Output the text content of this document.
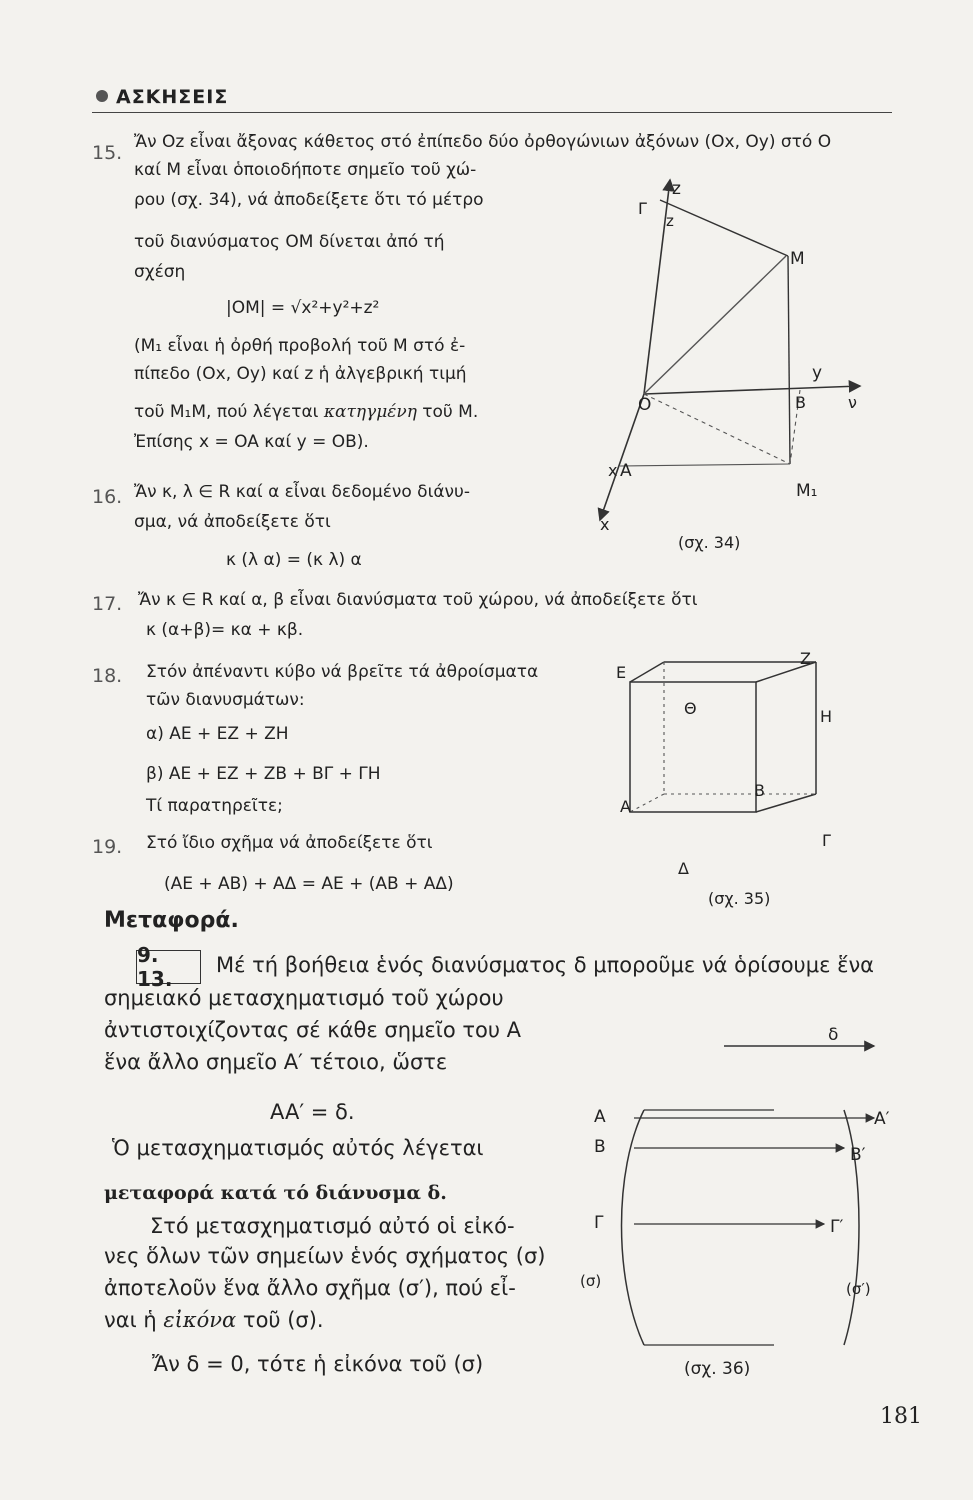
ΑΣΚΗΣΕΙΣ
15. Ἄν Oz εἶναι ἄξονας κάθετος στό ἐπίπεδο δύο ὀρθογώνιων ἀξόνων (Ox, Oy) στό O
καί M εἶναι ὁποιοδήποτε σημεῖο τοῦ χώ-
ρου (σχ. 34), νά ἀποδείξετε ὅτι τό μέτρο
τοῦ διανύσματος OM δίνεται ἀπό τή
σχέση
|OM| = √x²+y²+z²
(M₁ εἶναι ἡ ὀρθή προβολή τοῦ M στό ἐ-
πίπεδο (Ox, Oy) καί z ἡ ἀλγεβρική τιμή
τοῦ M₁M, πού λέγεται κατηγμένη τοῦ M.
Ἐπίσης x = OA καί y = OB).
16. Ἄν κ, λ ∈ R καί α εἶναι δεδομένο διάνυ-
σμα, νά ἀποδείξετε ὅτι
κ (λ α) = (κ λ) α
17. Ἄν κ ∈ R καί α, β εἶναι διανύσματα τοῦ χώρου, νά ἀποδείξετε ὅτι
κ (α+β)= κα + κβ.
18. Στόν ἀπέναντι κύβο νά βρεῖτε τά ἀθροίσματα
τῶν διανυσμάτων:
α) AE + EZ + ZH
β) AE + EZ + ZB + BΓ + ΓH
Τί παρατηρεῖτε;
19. Στό ἴδιο σχῆμα νά ἀποδείξετε ὅτι
(AE + AB) + AΔ = AE + (AB + AΔ)
Μεταφορά.
9. 13.
Μέ τή βοήθεια ἑνός διανύσματος δ μποροῦμε νά ὁρίσουμε ἕνα
σημειακό μετασχηματισμό τοῦ χώρου
ἀντιστοιχίζοντας σέ κάθε σημεῖο του A
ἕνα ἄλλο σημεῖο A′ τέτοιο, ὥστε
AA′ = δ.
Ὁ μετασχηματισμός αὐτός λέγεται
μεταφορά κατά τό διάνυσμα δ.
Στό μετασχηματισμό αὐτό οἱ εἰκό-
νες ὅλων τῶν σημείων ἑνός σχήματος (σ)
ἀποτελοῦν ἕνα ἄλλο σχῆμα (σ′), πού εἶ-
ναι ἡ εἰκόνα τοῦ (σ).
Ἄν δ = 0, τότε ἡ εἰκόνα τοῦ (σ)
z
Γ
z
M
O
y
B	ν
x A
M₁
x
(σχ. 34)
E
Z
Θ	H
A
B
Δ
Γ
(σχ. 35)
δ
A	A′
B	B′
Γ	Γ′
(σ)	(σ′)
(σχ. 36)
181
